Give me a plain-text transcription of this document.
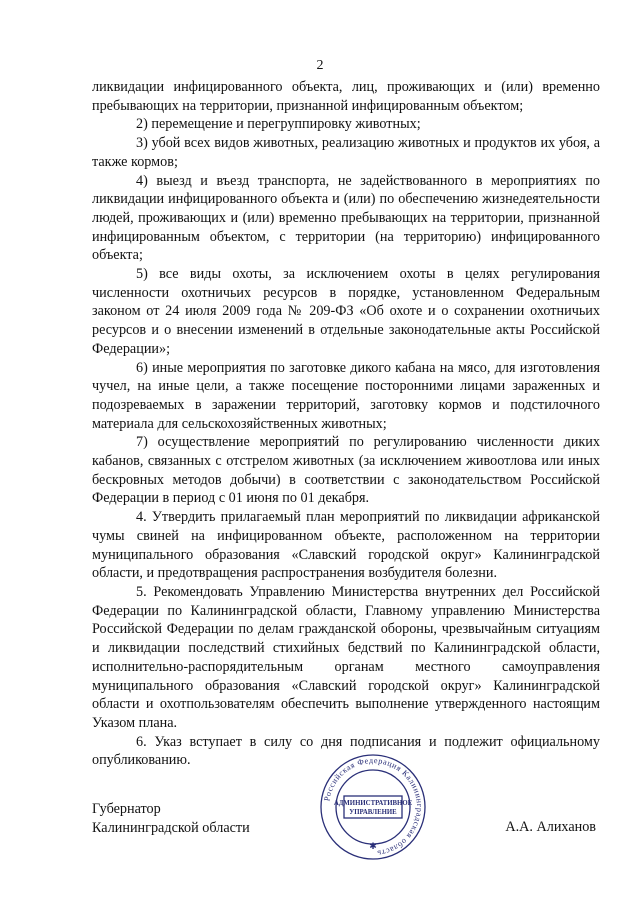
2

ликвидации инфицированного объекта, лиц, проживающих и (или) временно пребывающих на территории, признанной инфицированным объектом;

2) перемещение и перегруппировку животных;

3) убой всех видов животных, реализацию животных и продуктов их убоя, а также кормов;

4) выезд и въезд транспорта, не задействованного в мероприятиях по ликвидации инфицированного объекта и (или) по обеспечению жизнедеятельности людей, проживающих и (или) временно пребывающих на территории, признанной инфицированным объектом, с территории (на территорию) инфицированного объекта;

5) все виды охоты, за исключением охоты в целях регулирования численности охотничьих ресурсов в порядке, установленном Федеральным законом от 24 июля 2009 года № 209-ФЗ «Об охоте и о сохранении охотничьих ресурсов и о внесении изменений в отдельные законодательные акты Российской Федерации»;

6) иные мероприятия по заготовке дикого кабана на мясо, для изготовления чучел, на иные цели, а также посещение посторонними лицами зараженных и подозреваемых в заражении территорий, заготовку кормов и подстилочного материала для сельскохозяйственных животных;

7) осуществление мероприятий по регулированию численности диких кабанов, связанных с отстрелом животных (за исключением живоотлова или иных бескровных методов добычи) в соответствии с законодательством Российской Федерации в период с 01 июня по 01 декабря.

4. Утвердить прилагаемый план мероприятий по ликвидации африканской чумы свиней на инфицированном объекте, расположенном на территории муниципального образования «Славский городской округ» Калининградской области, и предотвращения распространения возбудителя болезни.

5. Рекомендовать Управлению Министерства внутренних дел Российской Федерации по Калининградской области, Главному управлению Министерства Российской Федерации по делам гражданской обороны, чрезвычайным ситуациям и ликвидации последствий стихийных бедствий по Калининградской области, исполнительно-распорядительным органам местного самоуправления муниципального образования «Славский городской округ» Калининградской области и охотпользователям обеспечить выполнение утвержденного настоящим Указом плана.

6. Указ вступает в силу со дня подписания и подлежит официальному опубликованию.

Губернатор
Калининградской области	А.А. Алиханов
Российская Федерация Калининградская область
АДМИНИСТРАТИВНОЕ
УПРАВЛЕНИЕ
✱
